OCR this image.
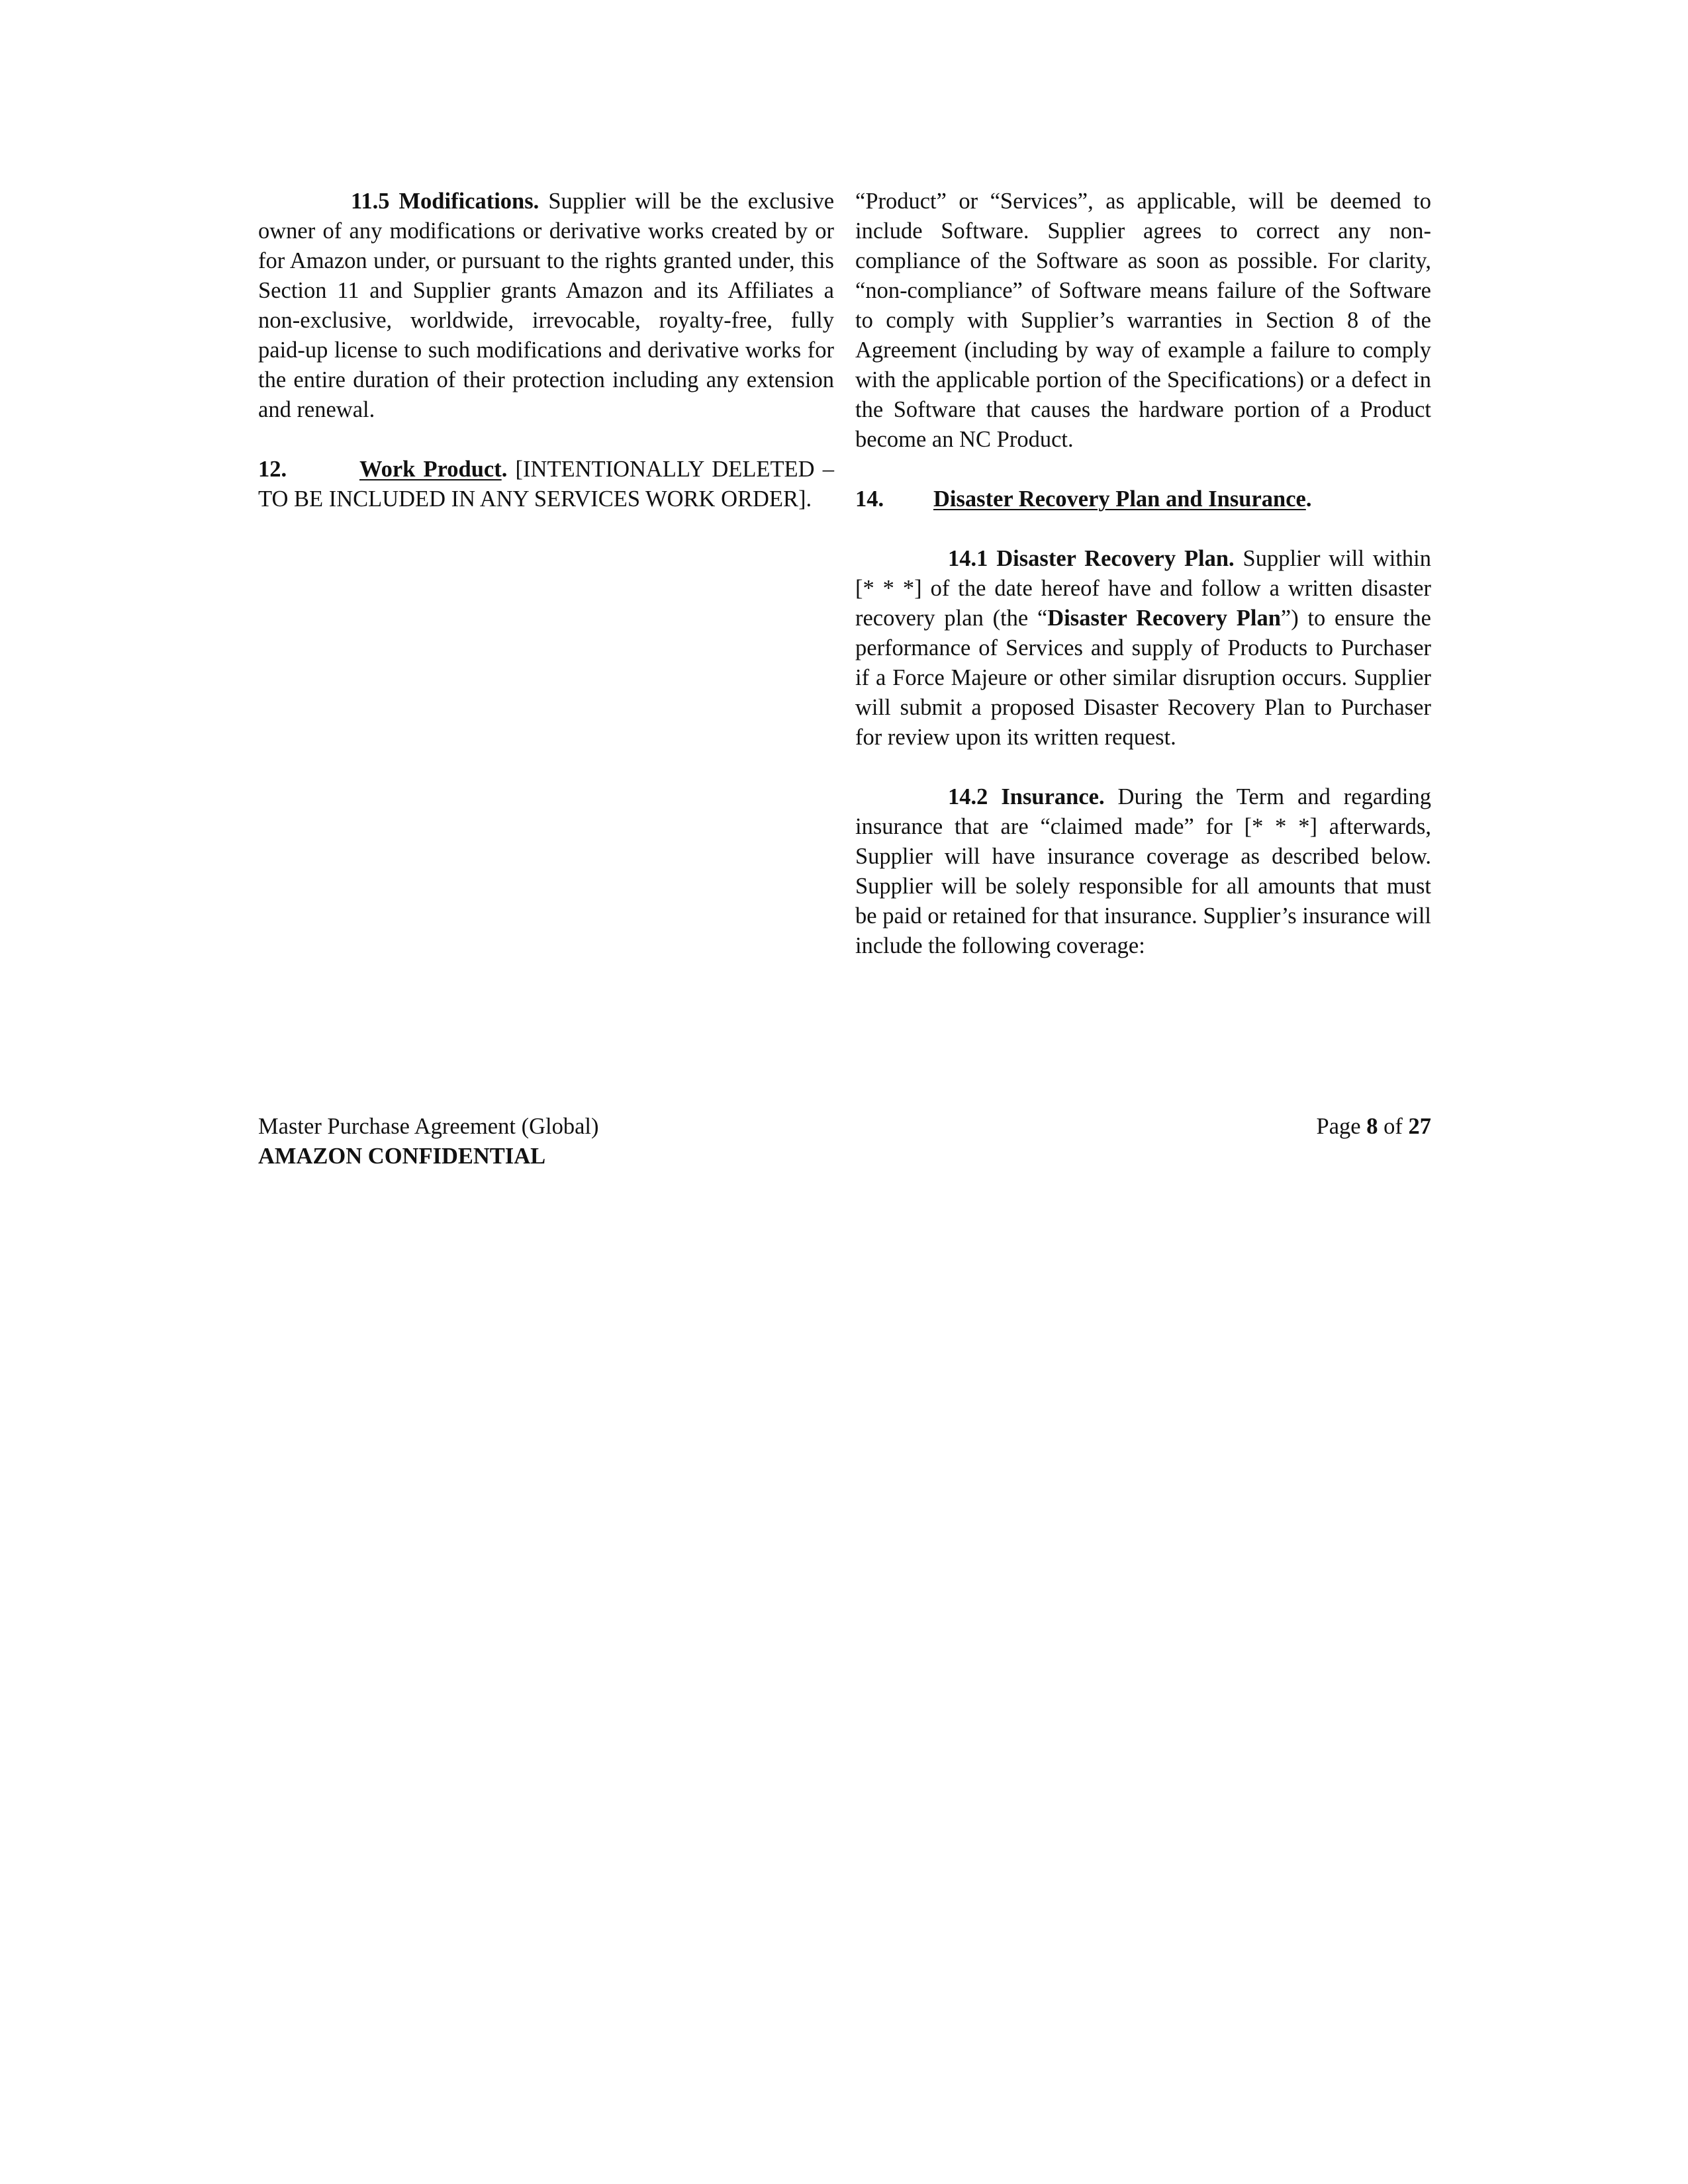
11.5 Modifications. Supplier will be the exclusive owner of any modifications or derivative works created by or for Amazon under, or pursuant to the rights granted under, this Section 11 and Supplier grants Amazon and its Affiliates a non-exclusive, worldwide, irrevocable, royalty-free, fully paid-up license to such modifications and derivative works for the entire duration of their protection including any extension and renewal.

12.	Work Product. [INTENTIONALLY DELETED – TO BE INCLUDED IN ANY SERVICES WORK ORDER].

“Product” or “Services”, as applicable, will be deemed to include Software. Supplier agrees to correct any non-compliance of the Software as soon as possible. For clarity, “non-compliance” of Software means failure of the Software to comply with Supplier’s warranties in Section 8 of the Agreement (including by way of example a failure to comply with the applicable portion of the Specifications) or a defect in the Software that causes the hardware portion of a Product become an NC Product.

14. Disaster Recovery Plan and Insurance.

14.1 Disaster Recovery Plan. Supplier will within [* * *] of the date hereof have and follow a written disaster recovery plan (the “Disaster Recovery Plan”) to ensure the performance of Services and supply of Products to Purchaser if a Force Majeure or other similar disruption occurs. Supplier will submit a proposed Disaster Recovery Plan to Purchaser for review upon its written request.

14.2 Insurance. During the Term and regarding insurance that are “claimed made” for [* * *] afterwards, Supplier will have insurance coverage as described below. Supplier will be solely responsible for all amounts that must be paid or retained for that insurance. Supplier’s insurance will include the following coverage:

Master Purchase Agreement (Global)
AMAZON CONFIDENTIAL
Page 8 of 27
